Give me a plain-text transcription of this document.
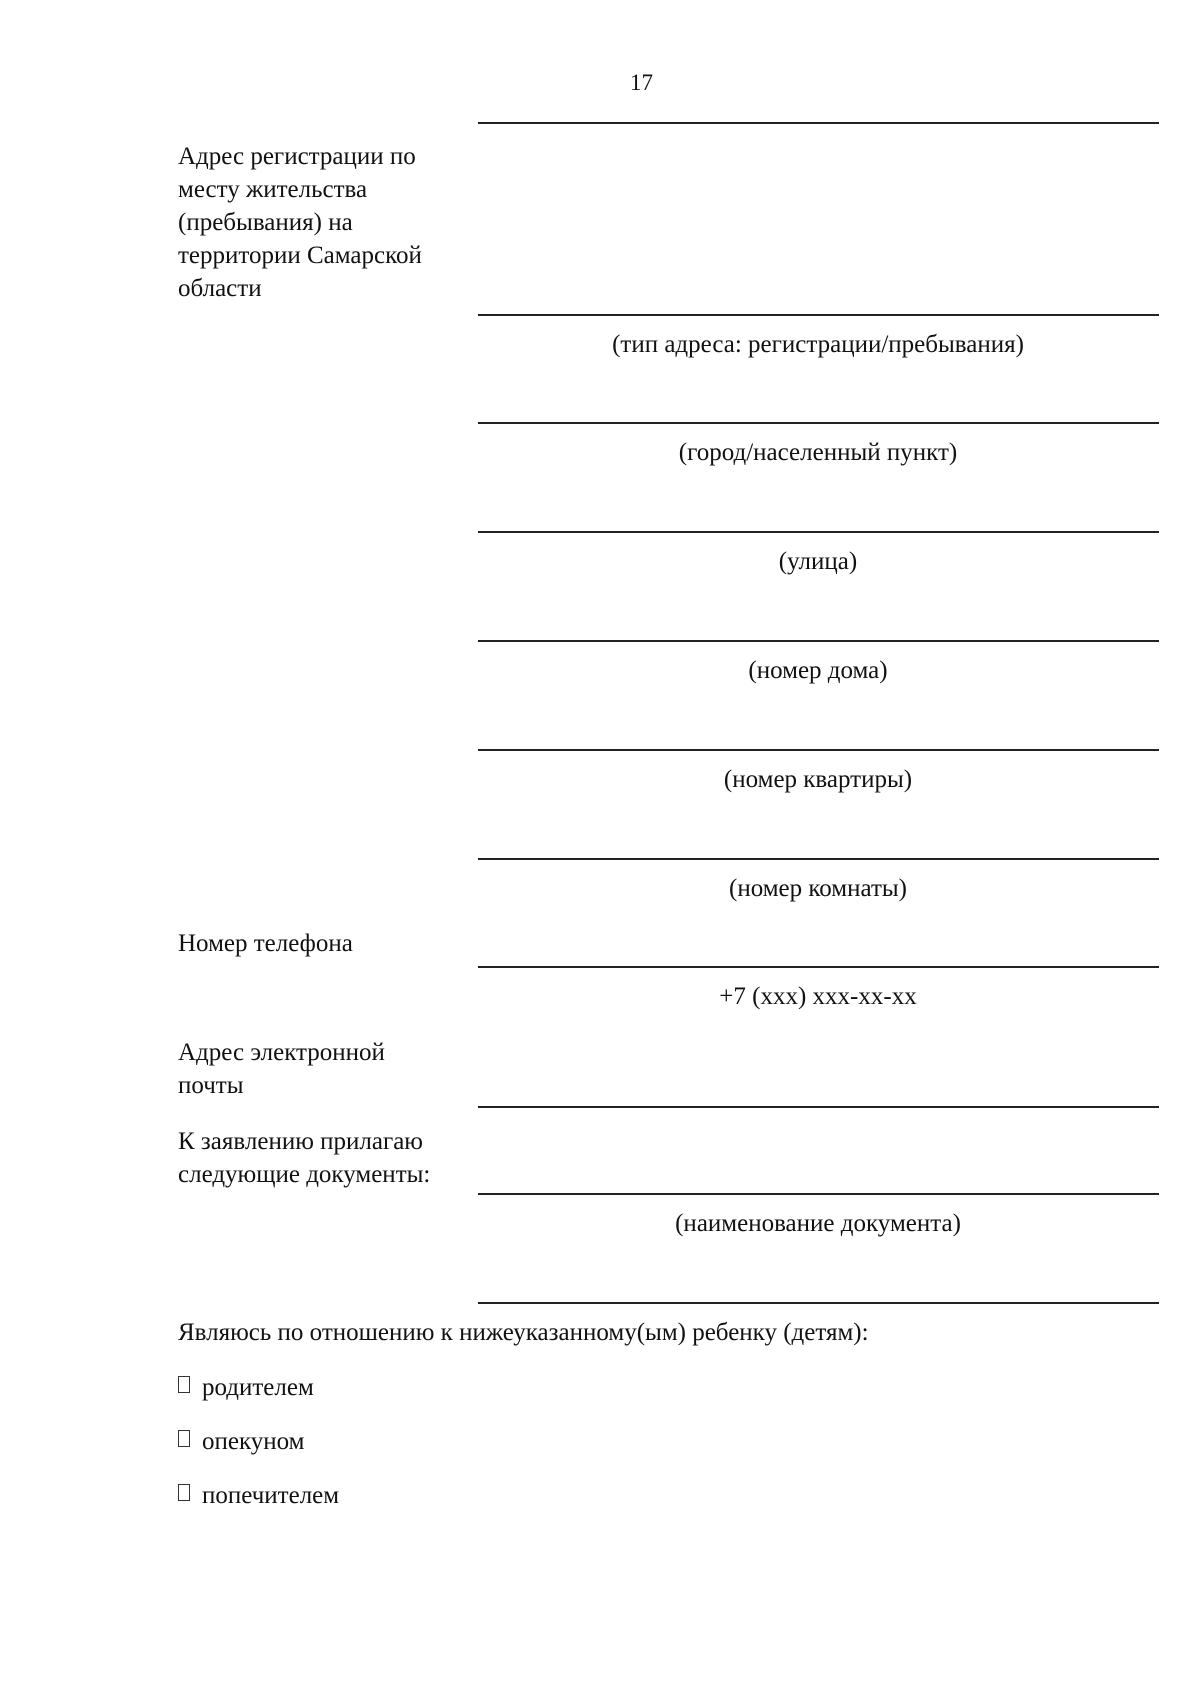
17
Адрес регистрации по
месту жительства
(пребывания) на
территории Самарской
области
(тип адреса: регистрации/пребывания)
(город/населенный пункт)
(улица)
(номер дома)
(номер квартиры)
(номер комнаты)
Номер телефона
+7 (xxx) xxx-xx-xx
Адрес электронной
почты
К заявлению прилагаю
следующие документы:
(наименование документа)
Являюсь по отношению к нижеуказанному(ым) ребенку (детям):
родителем
опекуном
попечителем
